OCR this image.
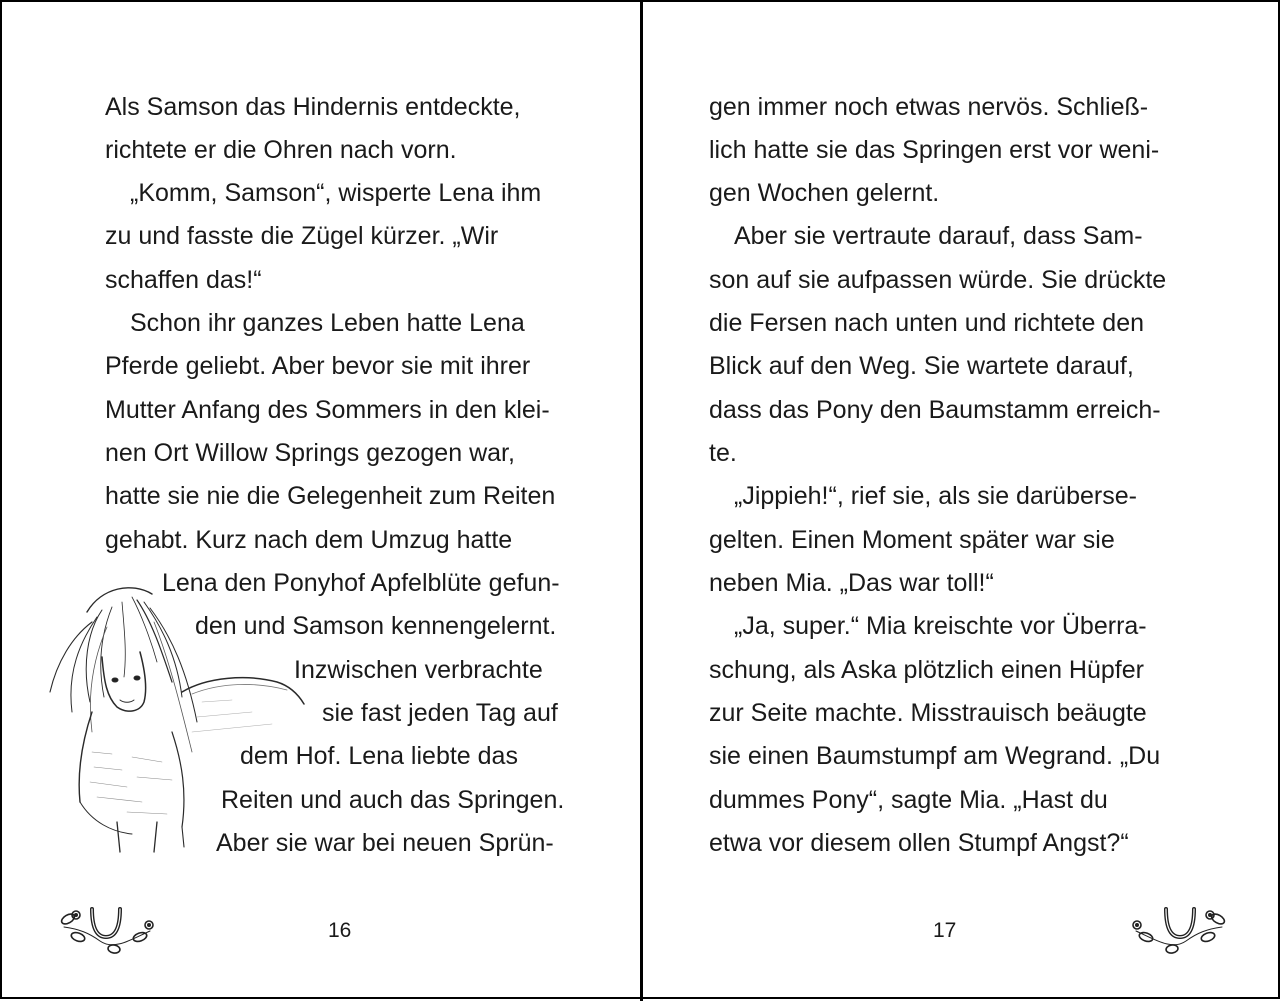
Als Samson das Hindernis entdeckte,
richtete er die Ohren nach vorn.
„Komm, Samson“, wisperte Lena ihm
zu und fasste die Zügel kürzer. „Wir
schaffen das!“
Schon ihr ganzes Leben hatte Lena
Pferde geliebt. Aber bevor sie mit ihrer
Mutter Anfang des Sommers in den klei-
nen Ort Willow Springs gezogen war,
hatte sie nie die Gelegenheit zum Reiten
gehabt. Kurz nach dem Umzug hatte
Lena den Ponyhof Apfelblüte gefun-
den und Samson kennengelernt.
Inzwischen verbrachte
sie fast jeden Tag auf
dem Hof. Lena liebte das
Reiten und auch das Springen.
Aber sie war bei neuen Sprün-
gen immer noch etwas nervös. Schließ-
lich hatte sie das Springen erst vor weni-
gen Wochen gelernt.
Aber sie vertraute darauf, dass Sam-
son auf sie aufpassen würde. Sie drückte
die Fersen nach unten und richtete den
Blick auf den Weg. Sie wartete darauf,
dass das Pony den Baumstamm erreich-
te.
„Jippieh!“, rief sie, als sie darüberse-
gelten. Einen Moment später war sie
neben Mia. „Das war toll!“
„Ja, super.“ Mia kreischte vor Überra-
schung, als Aska plötzlich einen Hüpfer
zur Seite machte. Misstrauisch beäugte
sie einen Baumstumpf am Wegrand. „Du
dummes Pony“, sagte Mia. „Hast du
etwa vor diesem ollen Stumpf Angst?“
16	17
